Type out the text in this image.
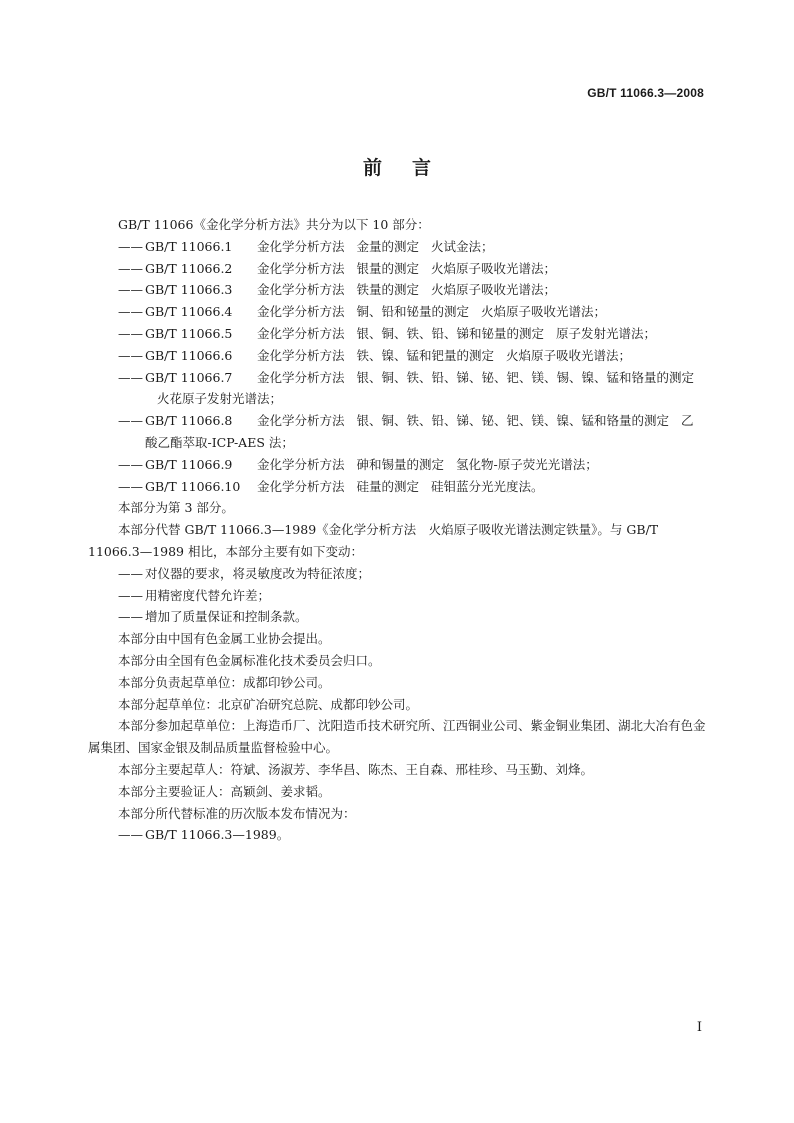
GB/T 11066.3—2008
前言

GB/T 11066《金化学分析方法》共分为以下 10 部分：

—— GB/T 11066.1 金化学分析方法 金量的测定 火试金法；
—— GB/T 11066.2 金化学分析方法 银量的测定 火焰原子吸收光谱法；
—— GB/T 11066.3 金化学分析方法 铁量的测定 火焰原子吸收光谱法；
—— GB/T 11066.4 金化学分析方法 铜、铅和铋量的测定 火焰原子吸收光谱法；
—— GB/T 11066.5 金化学分析方法 银、铜、铁、铅、锑和铋量的测定 原子发射光谱法；
—— GB/T 11066.6 金化学分析方法 铁、镍、锰和钯量的测定 火焰原子吸收光谱法；
—— GB/T 11066.7 金化学分析方法 银、铜、铁、铅、锑、铋、钯、镁、锡、镍、锰和铬量的测定火花原子发射光谱法；
—— GB/T 11066.8 金化学分析方法 银、铜、铁、铅、锑、铋、钯、镁、镍、锰和铬量的测定 乙酸乙酯萃取-ICP-AES 法；
—— GB/T 11066.9 金化学分析方法 砷和锡量的测定 氢化物-原子荧光光谱法；
—— GB/T 11066.10 金化学分析方法 硅量的测定 硅钼蓝分光光度法。

本部分为第 3 部分。

本部分代替 GB/T 11066.3—1989《金化学分析方法　火焰原子吸收光谱法测定铁量》。与 GB/T 11066.3—1989 相比，本部分主要有如下变动：

—— 对仪器的要求，将灵敏度改为特征浓度；
—— 用精密度代替允许差；
—— 增加了质量保证和控制条款。

本部分由中国有色金属工业协会提出。

本部分由全国有色金属标准化技术委员会归口。

本部分负责起草单位：成都印钞公司。

本部分起草单位：北京矿冶研究总院、成都印钞公司。

本部分参加起草单位：上海造币厂、沈阳造币技术研究所、江西铜业公司、紫金铜业集团、湖北大冶有色金属集团、国家金银及制品质量监督检验中心。

本部分主要起草人：符斌、汤淑芳、李华昌、陈杰、王自森、邢桂珍、马玉勤、刘烽。

本部分主要验证人：高颖剑、姜求韬。

本部分所代替标准的历次版本发布情况为：

—— GB/T 11066.3—1989。
I
